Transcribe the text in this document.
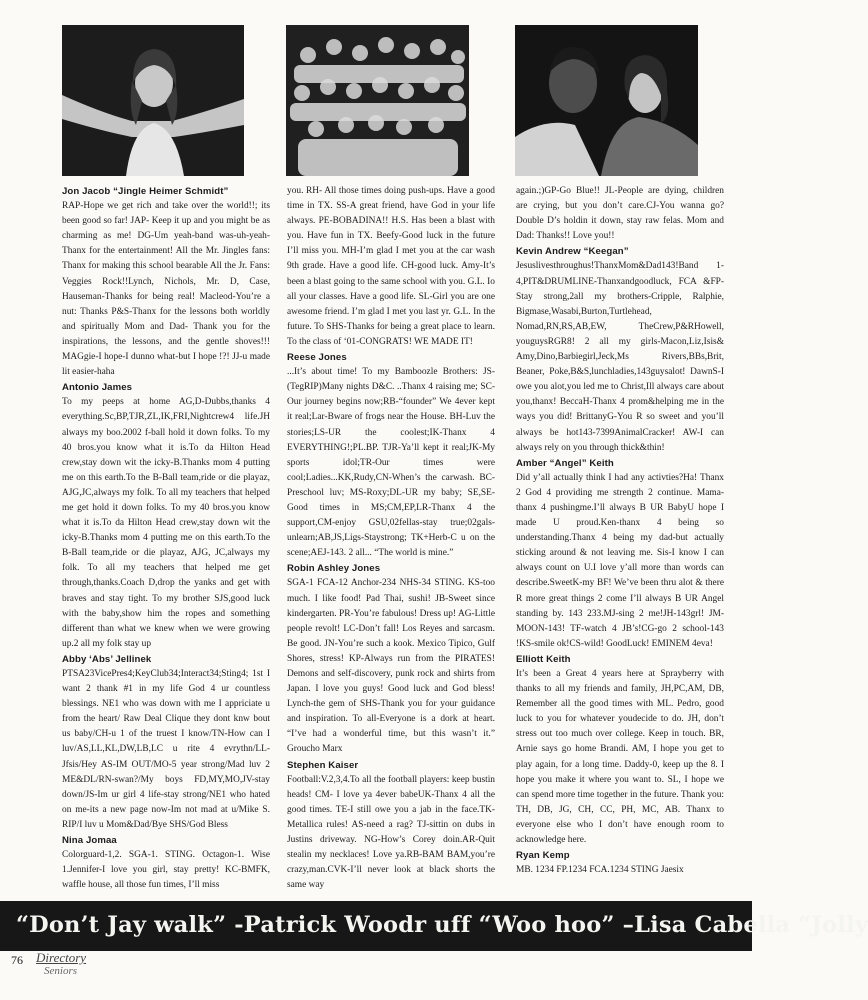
Jon Jacob “Jingle Heimer Schmidt”

RAP-Hope we get rich and take over the world!!; its been good so far! JAP- Keep it up and you might be as charming as me! DG-Um yeah-band was-uh-yeah-Thanx for the entertainment! All the Mr. Jingles fans: Thanx for making this school bearable All the Jr. Fans: Veggies Rock!!Lynch, Nichols, Mr. D, Case, Hauseman-Thanks for being real! Macleod-You’re a nut: Thanks P&S-Thanx for the lessons both worldly and spiritually Mom and Dad- Thank you for the inspirations, the lessons, and the gentle shoves!!! MAGgie-I hope-I dunno what-but I hope !?! JJ-u made lit easier-haha

Antonio James

To my peeps at home AG,D-Dubbs,thanks 4 everything.Sc,BP,TJR,ZL,IK,FRI,Nightcrew4 life.JH always my boo.2002 f-ball hold it down folks. To my 40 bros.you know what it is.To da Hilton Head crew,stay down wit the icky-B.Thanks mom 4 putting me on this earth.To the B-Ball team,ride or die playaz, AJG,JC,always my folk. To all my teachers that helped me get hold it down folks. To my 40 bros.you know what it is.To da Hilton Head crew,stay down wit the icky-B.Thanks mom 4 putting me on this earth.To the B-Ball team,ride or die playaz, AJG, JC,always my folk. To all my teachers that helped me get through,thanks.Coach D,drop the yanks and get with braves and stay tight. To my brother SJS,good luck with the baby,show him the ropes and something different than what we knew when we were growing up.2 all my folk stay up

Abby ‘Abs’ Jellinek

PTSA23VicePres4;KeyClub34;Interact34;Sting4; 1st I want 2 thank #1 in my life God 4 ur countless blessings. NE1 who was down with me I appriciate u from the heart/ Raw Deal Clique they dont knw bout us baby/CH-u 1 of the truest I know/TN-How can I luv/AS,LL,KL,DW,LB,LC u rite 4 evrythn/LL-Jfsis/Hey AS-IM OUT/MO-5 year strong/Mad luv 2 ME&DL/RN-swan?/My boys FD,MY,MO,JV-stay down/JS-Im ur girl 4 life-stay strong/NE1 who hated on me-its a new page now-Im not mad at u/Mike S. RIP/I luv u Mom&Dad/Bye SHS/God Bless

Nina Jomaa

Colorguard-1,2. SGA-1. STING. Octagon-1. Wise 1.Jennifer-I love you girl, stay pretty! KC-BMFK, waffle house, all those fun times, I’ll miss

you. RH- All those times doing push-ups. Have a good time in TX. SS-A great friend, have God in your life always. PE-BOBADINA!! H.S. Has been a blast with you. Have fun in TX. Beefy-Good luck in the future I’ll miss you. MH-I’m glad I met you at the car wash 9th grade. Have a good life. CH-good luck. Amy-It’s been a blast going to the same school with you. G.L. Io all your classes. Have a good life. SL-Girl you are one awesome friend. I’m glad I met you last yr. G.L. In the future. To SHS-Thanks for being a great place to learn. To the class of ‘01-CONGRATS! WE MADE IT!

Reese Jones

...It’s about time! To my Bamboozle Brothers: JS-(TegRIP)Many nights D&C. ..Thanx 4 raising me; SC-Our journey begins now;RB-“founder” We 4ever kept it real;Lar-Bware of frogs near the House. BH-Luv the stories;LS-UR the coolest;IK-Thanx 4 EVERYTHING!;PL.BP. TJR-Ya’ll kept it real;JK-My sports idol;TR-Our times were cool;Ladies...KK,Rudy,CN-When’s the carwash. BC-Preschool luv; MS-Roxy;DL-UR my baby; SE,SE-Good times in MS;CM,EP,LR-Thanx 4 the support,CM-enjoy GSU,02fellas-stay true;02gals-unlearn;AB,JS,Ligs-Staystrong; TK+Herb-C u on the scene;AEJ-143. 2 all... “The world is mine.”

Robin Ashley Jones

SGA-1 FCA-12 Anchor-234 NHS-34 STING. KS-too much. I like food! Pad Thai, sushi! JB-Sweet since kindergarten. PR-You’re fabulous! Dress up! AG-Little people revolt! LC-Don’t fall! Los Reyes and sarcasm. Be good. JN-You’re such a kook. Mexico Tipico, Gulf Shores, stress! KP-Always run from the PIRATES! Demons and self-discovery, punk rock and shirts from Japan. I love you guys! Good luck and God bless! Lynch-the gem of SHS-Thank you for your guidance and inspiration. To all-Everyone is a dork at heart. “I’ve had a wonderful time, but this wasn’t it.” Groucho Marx

Stephen Kaiser

Football:V.2,3,4.To all the football players: keep bustin heads! CM- I love ya 4ever babeUK-Thanx 4 all the good times. TE-I still owe you a jab in the face.TK-Metallica rules! AS-need a rag? TJ-sittin on dubs in Justins driveway. NG-How’s Corey doin.AR-Quit stealin my necklaces! Love ya.RB-BAM BAM,you’re crazy,man.CVK-I’ll never look at black shorts the same way

again.;)GP-Go Blue!! JL-People are dying, children are crying, but you don’t care.CJ-You wanna go?Double D’s holdin it down, stay raw felas. Mom and Dad: Thanks!! Love you!!

Kevin Andrew “Keegan”

Jesuslivesthroughus!ThanxMom&Dad143!Band 1-4,PIT&DRUMLINE-Thanxandgoodluck, FCA &FP-Stay strong,2all my brothers-Cripple, Ralphie, Bigmase,Wasabi,Burton,Turtlehead, Nomad,RN,RS,AB,EW, TheCrew,P&RHowell, youguysRGR8! 2 all my girls-Macon,Liz,Isis& Amy,Dino,Barbiegirl,Jeck,Ms Rivers,BBs,Brit, Beaner, Poke,B&S,lunchladies,143guysalot! DawnS-I owe you alot,you led me to Christ,Ill always care about you,thanx! BeccaH-Thanx 4 prom&helping me in the ways you did! BrittanyG-You R so sweet and you’ll always be hot143-7399AnimalCracker! AW-I can always rely on you through thick&thin!

Amber “Angel” Keith

Did y’all actually think I had any activties?Ha! Thanx 2 God 4 providing me strength 2 continue. Mama-thanx 4 pushingme.I’ll always B UR BabyU hope I made U proud.Ken-thanx 4 being so understanding.Thanx 4 being my dad-but actually sticking around & not leaving me. Sis-I know I can always count on U.I love y’all more than words can describe.SweetK-my BF! We’ve been thru alot & there R more great things 2 come I’ll always B UR Angel standing by. 143 233.MJ-sing 2 me!JH-143grl! JM-MOON-143! TF-watch 4 JB’s!CG-go 2 school-143 !KS-smile ok!CS-wild! GoodLuck! EMINEM 4eva!

Elliott Keith

It’s been a Great 4 years here at Sprayberry with thanks to all my friends and family, JH,PC,AM, DB, Remember all the good times with ML. Pedro, good luck to you for whatever youdecide to do. JH, don’t stress out too much over college. Keep in touch. BR, Arnie says go home Brandi. AM, I hope you get to play again, for a long time. Daddy-0, keep up the 8. I hope you make it where you want to. SL, I hope we can spend more time together in the future. Thank you: TH, DB, JG, CH, CC, PH, MC, AB. Thanx to everyone else who I don’t have enough room to acknowledge here.

Ryan Kemp

MB. 1234 FP.1234 FCA.1234 STING Jaesix

“Don’t Jay walk” -Patrick Woodr uff “Woo hoo” –Lisa Cabella “Jolly
76 Directory
Seniors
